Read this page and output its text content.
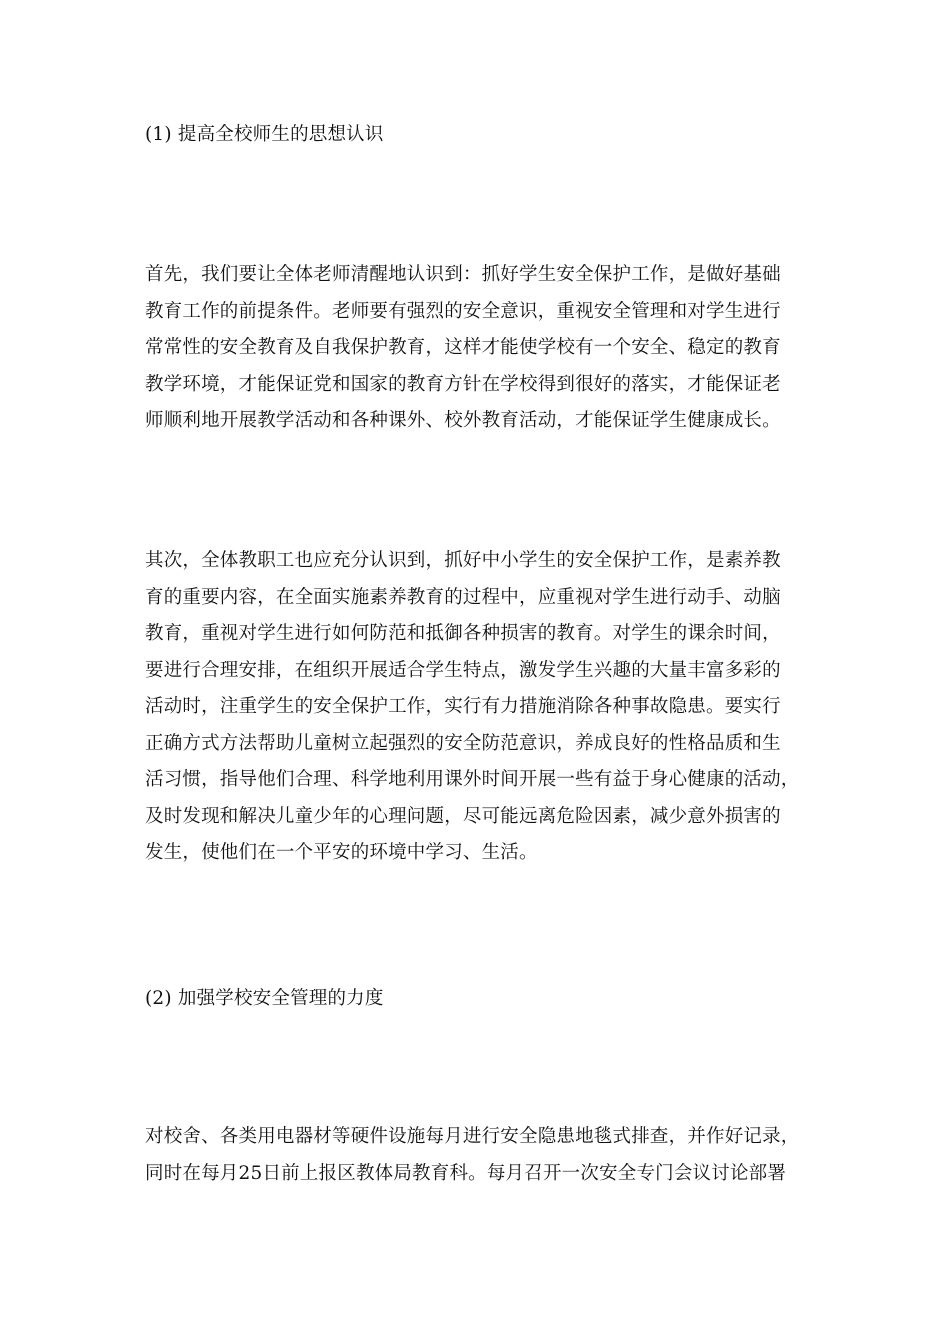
(1) 提高全校师生的思想认识
首先，我们要让全体老师清醒地认识到：抓好学生安全保护工作，是做好基础
教育工作的前提条件。老师要有强烈的安全意识，重视安全管理和对学生进行
常常性的安全教育及自我保护教育，这样才能使学校有一个安全、稳定的教育
教学环境，才能保证党和国家的教育方针在学校得到很好的落实，才能保证老
师顺利地开展教学活动和各种课外、校外教育活动，才能保证学生健康成长。
其次，全体教职工也应充分认识到，抓好中小学生的安全保护工作，是素养教
育的重要内容，在全面实施素养教育的过程中，应重视对学生进行动手、动脑
教育，重视对学生进行如何防范和抵御各种损害的教育。对学生的课余时间，
要进行合理安排，在组织开展适合学生特点，激发学生兴趣的大量丰富多彩的
活动时，注重学生的安全保护工作，实行有力措施消除各种事故隐患。要实行
正确方式方法帮助儿童树立起强烈的安全防范意识，养成良好的性格品质和生
活习惯，指导他们合理、科学地利用课外时间开展一些有益于身心健康的活动，
及时发现和解决儿童少年的心理问题，尽可能远离危险因素，减少意外损害的
发生，使他们在一个平安的环境中学习、生活。
(2) 加强学校安全管理的力度
对校舍、各类用电器材等硬件设施每月进行安全隐患地毯式排查，并作好记录，
同时在每月25日前上报区教体局教育科。每月召开一次安全专门会议讨论部署
